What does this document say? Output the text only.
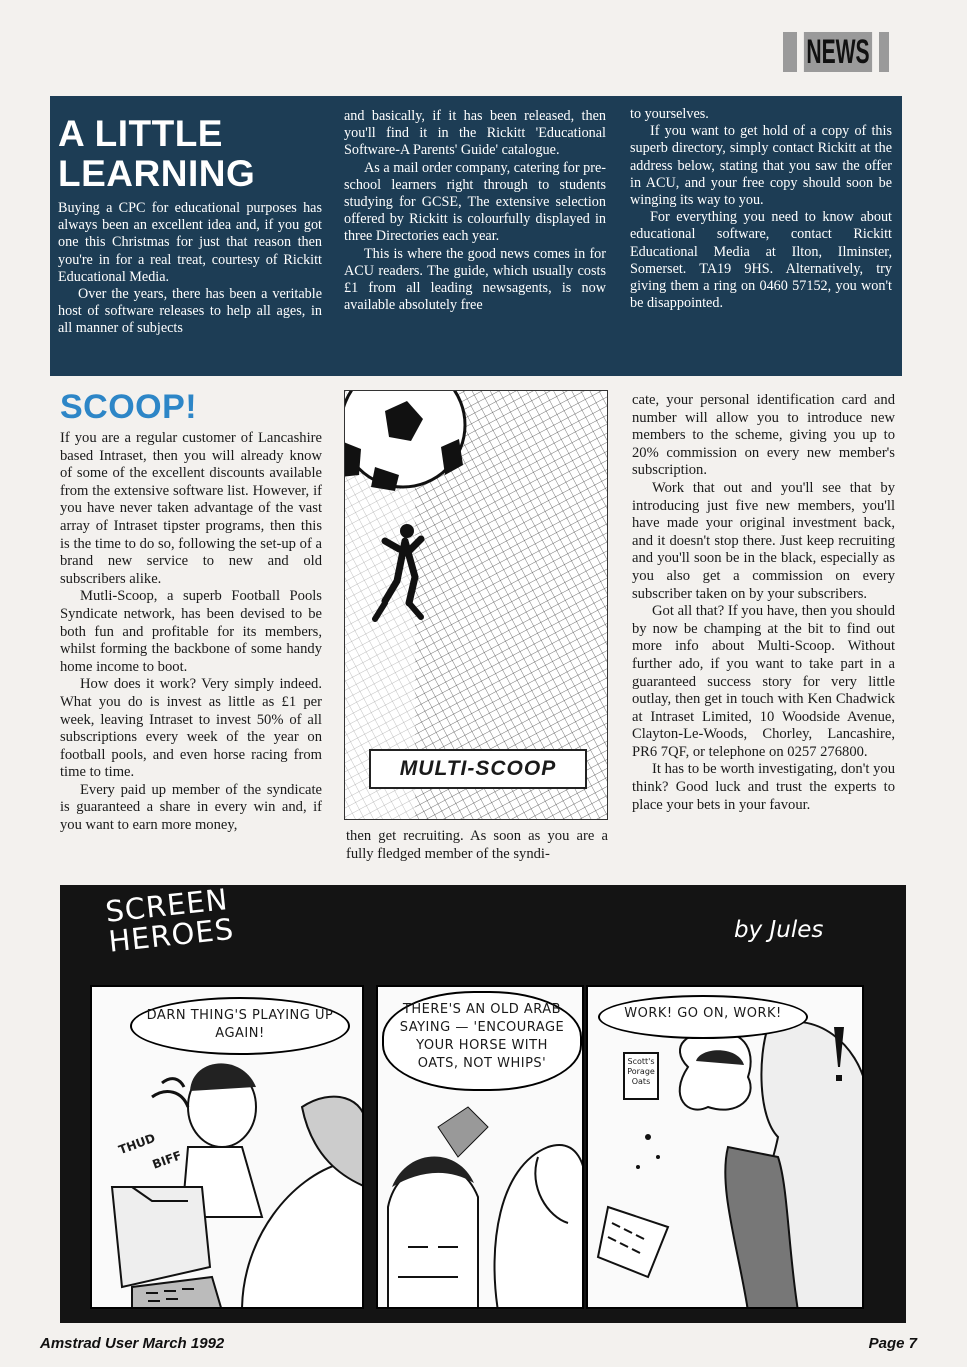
NEWS
A LITTLE LEARNING

Buying a CPC for educational purposes has always been an excellent idea and, if you got one this Christmas for just that reason then you're in for a real treat, courtesy of Rickitt Educational Media.

Over the years, there has been a veritable host of software releases to help all ages, in all manner of subjects

and basically, if it has been released, then you'll find it in the Rickitt 'Educational Software-A Parents' Guide' catalogue.

As a mail order company, catering for pre-school learners right through to students studying for GCSE, The extensive selection offered by Rickitt is colourfully displayed in three Directories each year.

This is where the good news comes in for ACU readers. The guide, which usually costs £1 from all leading newsagents, is now available absolutely free

to yourselves.

If you want to get hold of a copy of this superb directory, simply contact Rickitt at the address below, stating that you saw the offer in ACU, and your free copy should soon be winging its way to you.

For everything you need to know about educational software, contact Rickitt Educational Media at Ilton, Ilminster, Somerset. TA19 9HS. Alternatively, try giving them a ring on 0460 57152, you won't be disappointed.

SCOOP!

If you are a regular customer of Lancashire based Intraset, then you will already know of some of the excellent discounts available from the extensive software list. However, if you have never taken advantage of the vast array of Intraset tipster programs, then this is the time to do so, following the set-up of a brand new service to new and old subscribers alike.

Mutli-Scoop, a superb Football Pools Syndicate network, has been devised to be both fun and profitable for its members, whilst forming the backbone of some handy home income to boot.

How does it work? Very simply indeed. What you do is invest as little as £1 per week, leaving Intraset to invest 50% of all subscriptions every week of the year on football pools, and even horse racing from time to time.

Every paid up member of the syndicate is guaranteed a share in every win and, if you want to earn more money,

MULTI-SCOOP

then get recruiting. As soon as you are a fully fledged member of the syndi-

cate, your personal identification card and number will allow you to introduce new members to the scheme, giving you up to 20% commission on every new member's subscription.

Work that out and you'll see that by introducing just five new members, you'll have made your original investment back, and it doesn't stop there. Just keep recruiting and you'll soon be in the black, especially as you also get a commission on every subscriber taken on by your subscribers.

Got all that? If you have, then you should by now be champing at the bit to find out more info about Multi-Scoop. Without further ado, if you want to take part in a guaranteed success story for very little outlay, then get in touch with Ken Chadwick at Intraset Limited, 10 Woodside Avenue, Clayton-Le-Woods, Chorley, Lancashire, PR6 7QF, or telephone on 0257 276800.

It has to be worth investigating, don't you think? Good luck and trust the experts to place your bets in your favour.

SCREEN HEROES	by Jules
DARN THING'S PLAYING UP AGAIN!
THUD
BIFF
THERE'S AN OLD ARAB SAYING — 'ENCOURAGE YOUR HORSE WITH OATS, NOT WHIPS'
WORK! GO ON, WORK!
Scott's Porage Oats
Amstrad User March 1992	Page 7
